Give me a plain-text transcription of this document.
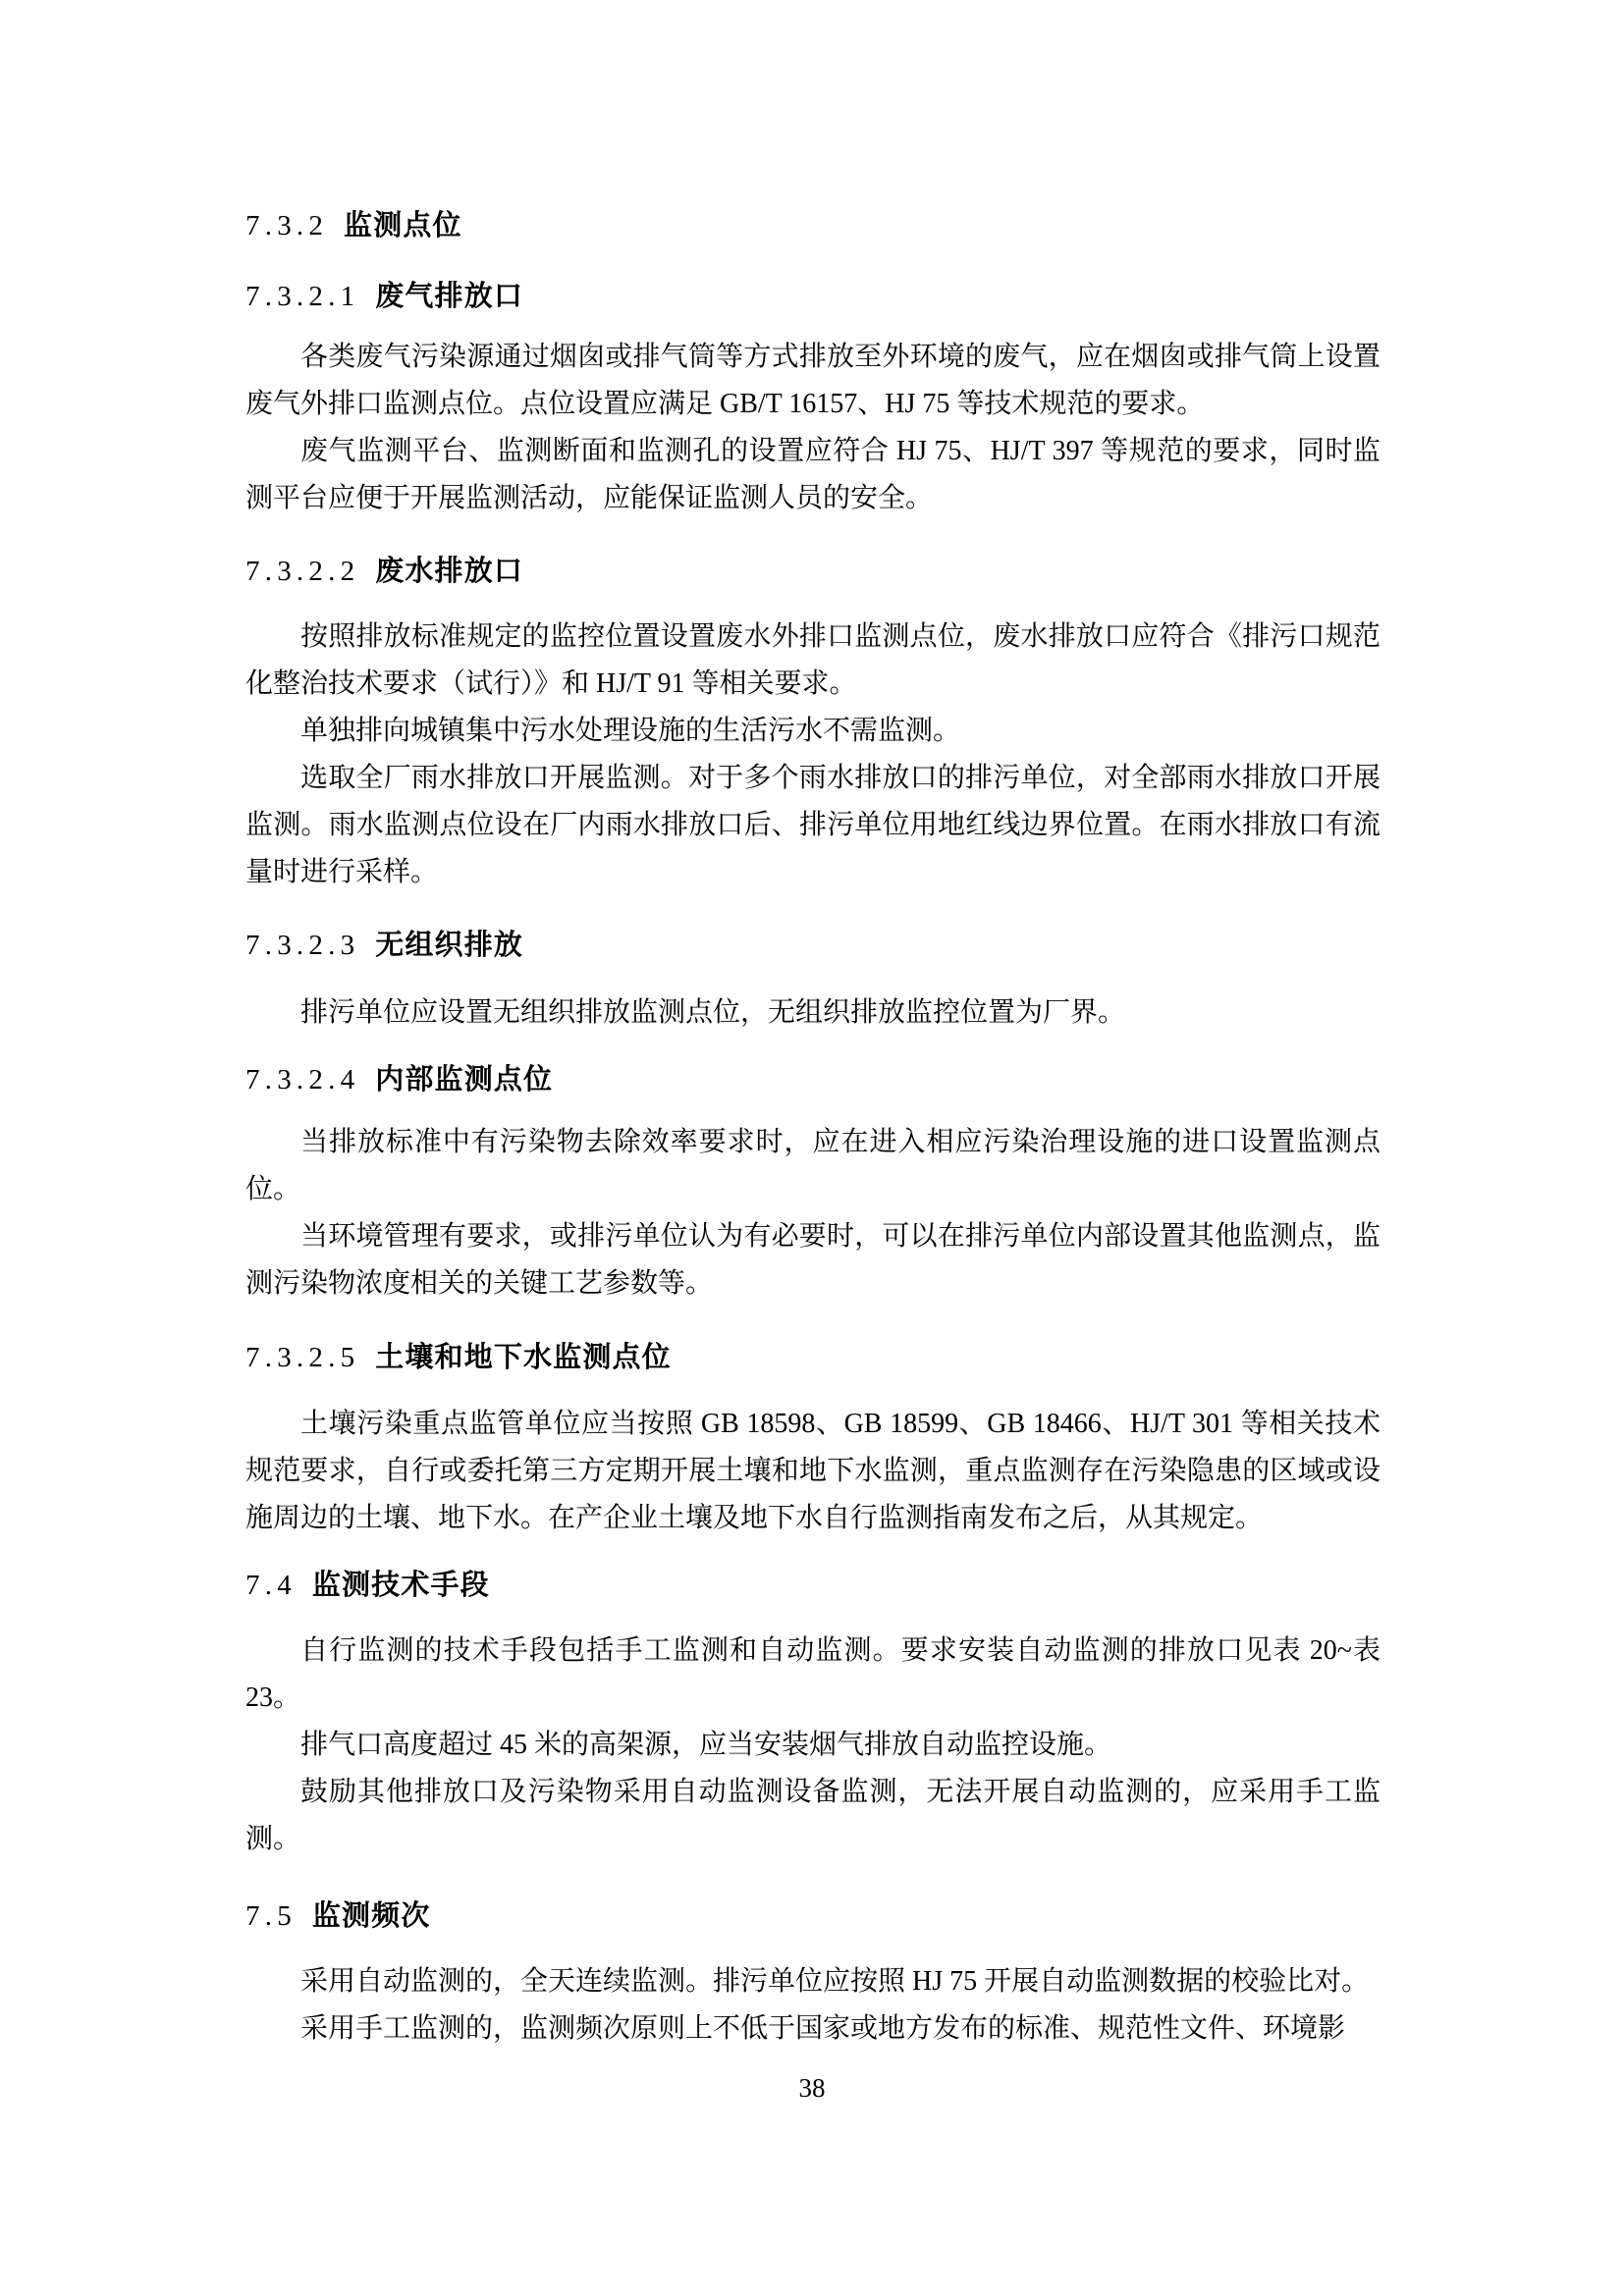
7.3.2 监测点位
7.3.2.1 废气排放口

各类废气污染源通过烟囱或排气筒等方式排放至外环境的废气，应在烟囱或排气筒上设置废气外排口监测点位。点位设置应满足 GB/T 16157、HJ 75 等技术规范的要求。

废气监测平台、监测断面和监测孔的设置应符合 HJ 75、HJ/T 397 等规范的要求，同时监测平台应便于开展监测活动，应能保证监测人员的安全。

7.3.2.2 废水排放口

按照排放标准规定的监控位置设置废水外排口监测点位，废水排放口应符合《排污口规范化整治技术要求（试行）》和 HJ/T 91 等相关要求。

单独排向城镇集中污水处理设施的生活污水不需监测。

选取全厂雨水排放口开展监测。对于多个雨水排放口的排污单位，对全部雨水排放口开展监测。雨水监测点位设在厂内雨水排放口后、排污单位用地红线边界位置。在雨水排放口有流量时进行采样。

7.3.2.3 无组织排放

排污单位应设置无组织排放监测点位，无组织排放监控位置为厂界。

7.3.2.4 内部监测点位

当排放标准中有污染物去除效率要求时，应在进入相应污染治理设施的进口设置监测点位。

当环境管理有要求，或排污单位认为有必要时，可以在排污单位内部设置其他监测点，监测污染物浓度相关的关键工艺参数等。

7.3.2.5 土壤和地下水监测点位

土壤污染重点监管单位应当按照 GB 18598、GB 18599、GB 18466、HJ/T 301 等相关技术规范要求，自行或委托第三方定期开展土壤和地下水监测，重点监测存在污染隐患的区域或设施周边的土壤、地下水。在产企业土壤及地下水自行监测指南发布之后，从其规定。

7.4 监测技术手段

自行监测的技术手段包括手工监测和自动监测。要求安装自动监测的排放口见表 20~表23。

排气口高度超过 45 米的高架源，应当安装烟气排放自动监控设施。

鼓励其他排放口及污染物采用自动监测设备监测，无法开展自动监测的，应采用手工监测。

7.5 监测频次

采用自动监测的，全天连续监测。排污单位应按照 HJ 75 开展自动监测数据的校验比对。

采用手工监测的，监测频次原则上不低于国家或地方发布的标准、规范性文件、环境影

38
